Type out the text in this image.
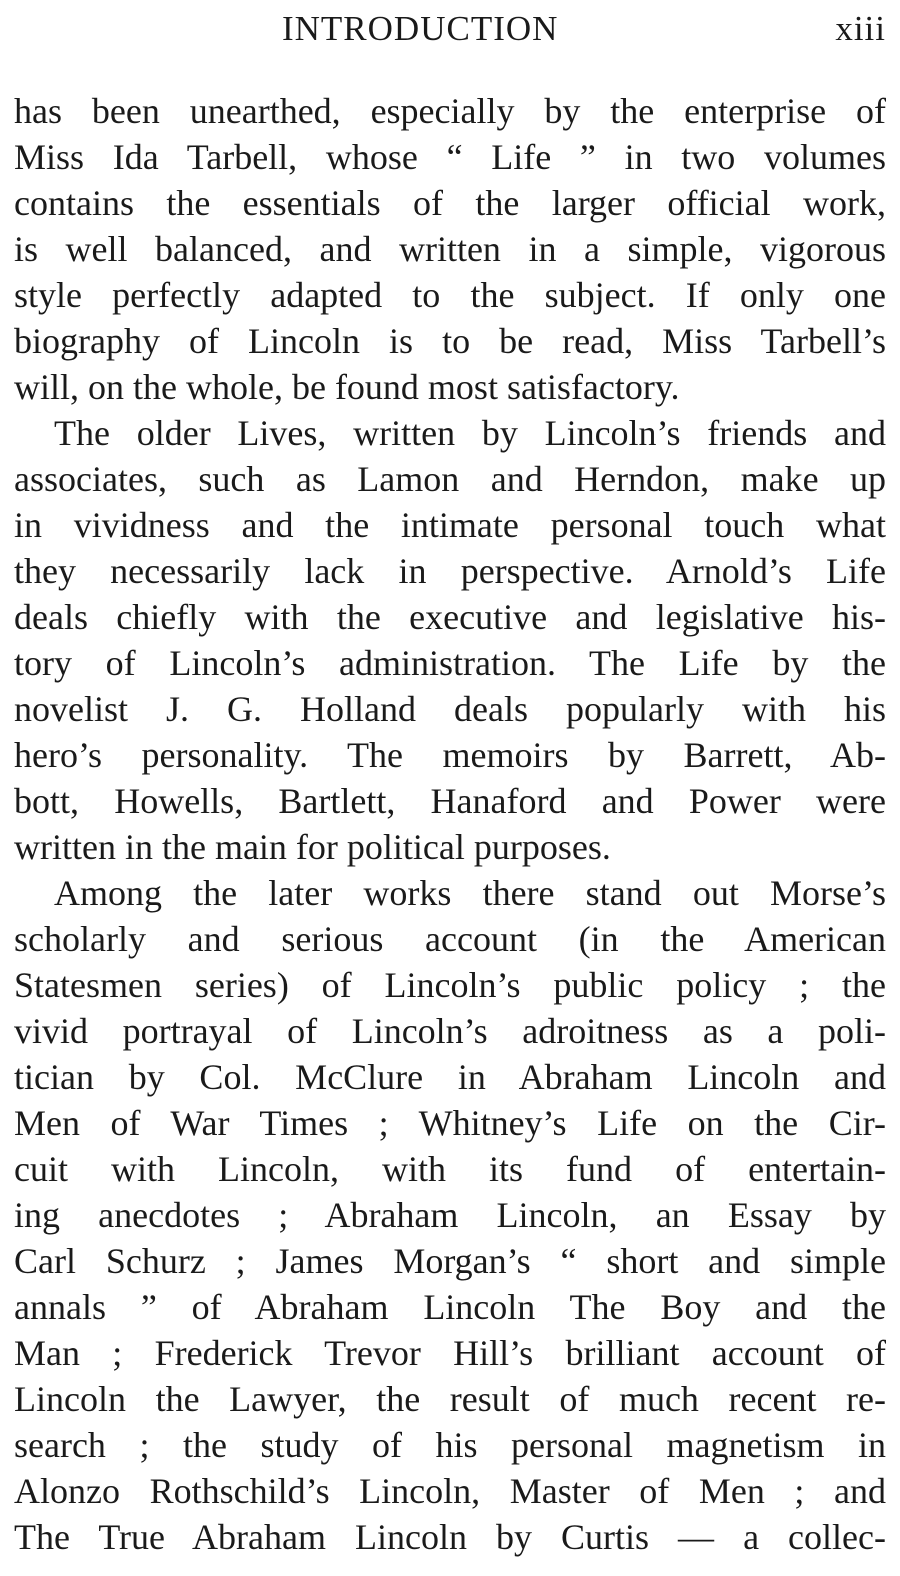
INTRODUCTION	xiii

has been unearthed, especially by the enterprise of
Miss Ida Tarbell, whose “ Life ” in two volumes
contains the essentials of the larger official work,
is well balanced, and written in a simple, vigorous
style perfectly adapted to the subject. If only one
biography of Lincoln is to be read, Miss Tarbell’s
will, on the whole, be found most satisfactory.

The older Lives, written by Lincoln’s friends and
associates, such as Lamon and Herndon, make up
in vividness and the intimate personal touch what
they necessarily lack in perspective. Arnold’s Life
deals chiefly with the executive and legislative his-
tory of Lincoln’s administration. The Life by the
novelist J. G. Holland deals popularly with his
hero’s personality. The memoirs by Barrett, Ab-
bott, Howells, Bartlett, Hanaford and Power were
written in the main for political purposes.

Among the later works there stand out Morse’s
scholarly and serious account (in the American
Statesmen series) of Lincoln’s public policy ; the
vivid portrayal of Lincoln’s adroitness as a poli-
tician by Col. McClure in Abraham Lincoln and
Men of War Times ; Whitney’s Life on the Cir-
cuit with Lincoln, with its fund of entertain-
ing anecdotes ; Abraham Lincoln, an Essay by
Carl Schurz ; James Morgan’s “ short and simple
annals ” of Abraham Lincoln The Boy and the
Man ; Frederick Trevor Hill’s brilliant account of
Lincoln the Lawyer, the result of much recent re-
search ; the study of his personal magnetism in
Alonzo Rothschild’s Lincoln, Master of Men ; and
The True Abraham Lincoln by Curtis — a collec-
